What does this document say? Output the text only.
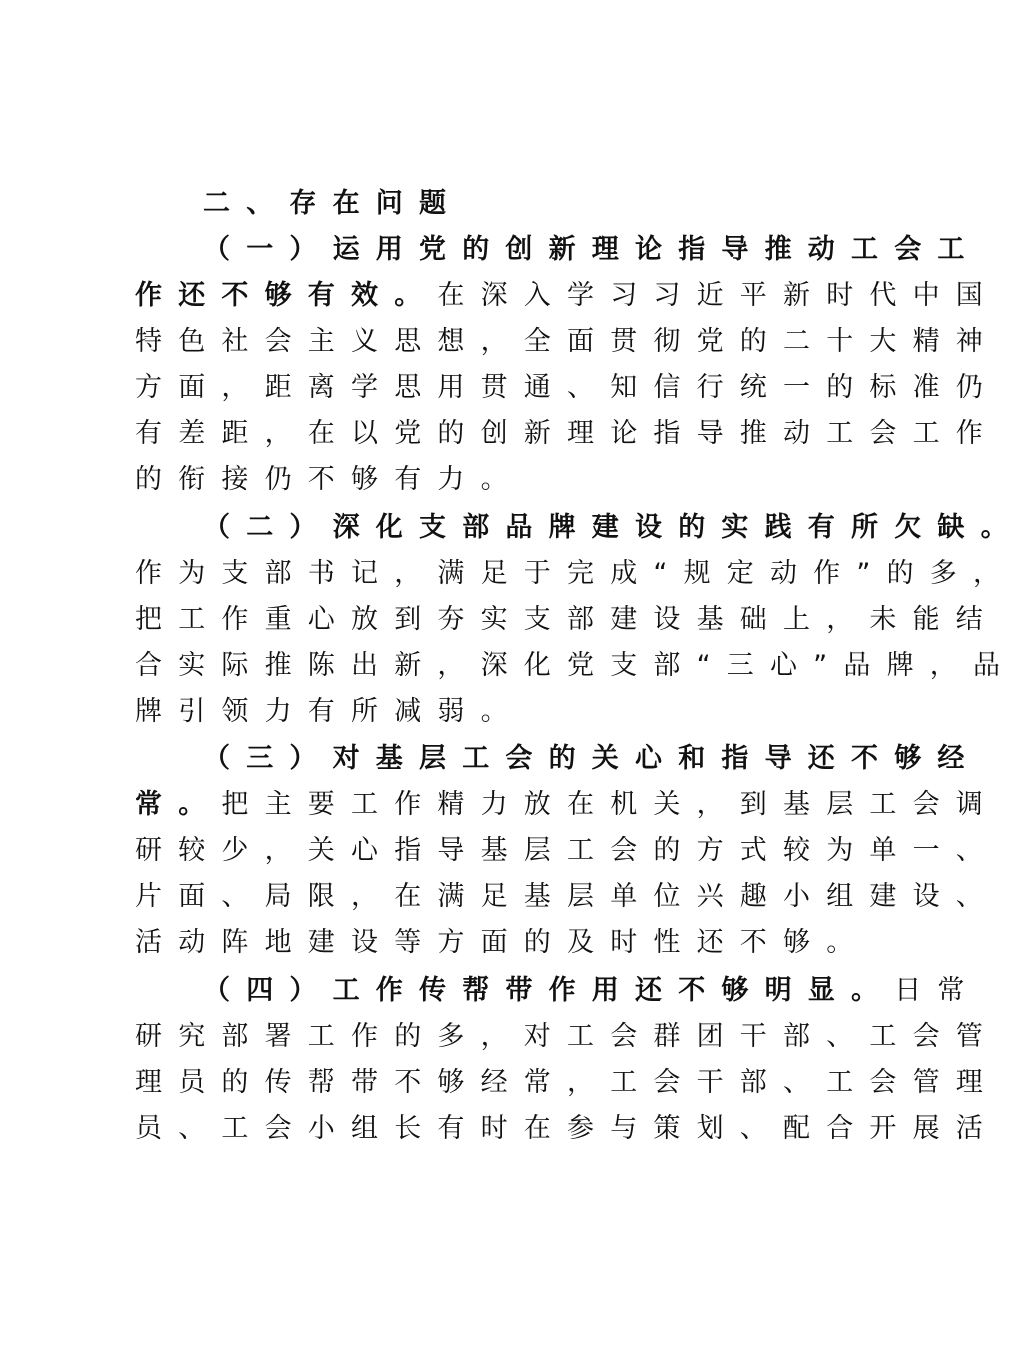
二、存在问题
（一）运用党的创新理论指导推动工会工
作还不够有效。在深入学习习近平新时代中国
特色社会主义思想，全面贯彻党的二十大精神
方面，距离学思用贯通、知信行统一的标准仍
有差距，在以党的创新理论指导推动工会工作
的衔接仍不够有力。
（二）深化支部品牌建设的实践有所欠缺。
作为支部书记，满足于完成“规定动作”的多，
把工作重心放到夯实支部建设基础上，未能结
合实际推陈出新，深化党支部“三心”品牌，品
牌引领力有所减弱。
（三）对基层工会的关心和指导还不够经
常。把主要工作精力放在机关，到基层工会调
研较少，关心指导基层工会的方式较为单一、
片面、局限，在满足基层单位兴趣小组建设、
活动阵地建设等方面的及时性还不够。
（四）工作传帮带作用还不够明显。日常
研究部署工作的多，对工会群团干部、工会管
理员的传帮带不够经常，工会干部、工会管理
员、工会小组长有时在参与策划、配合开展活
